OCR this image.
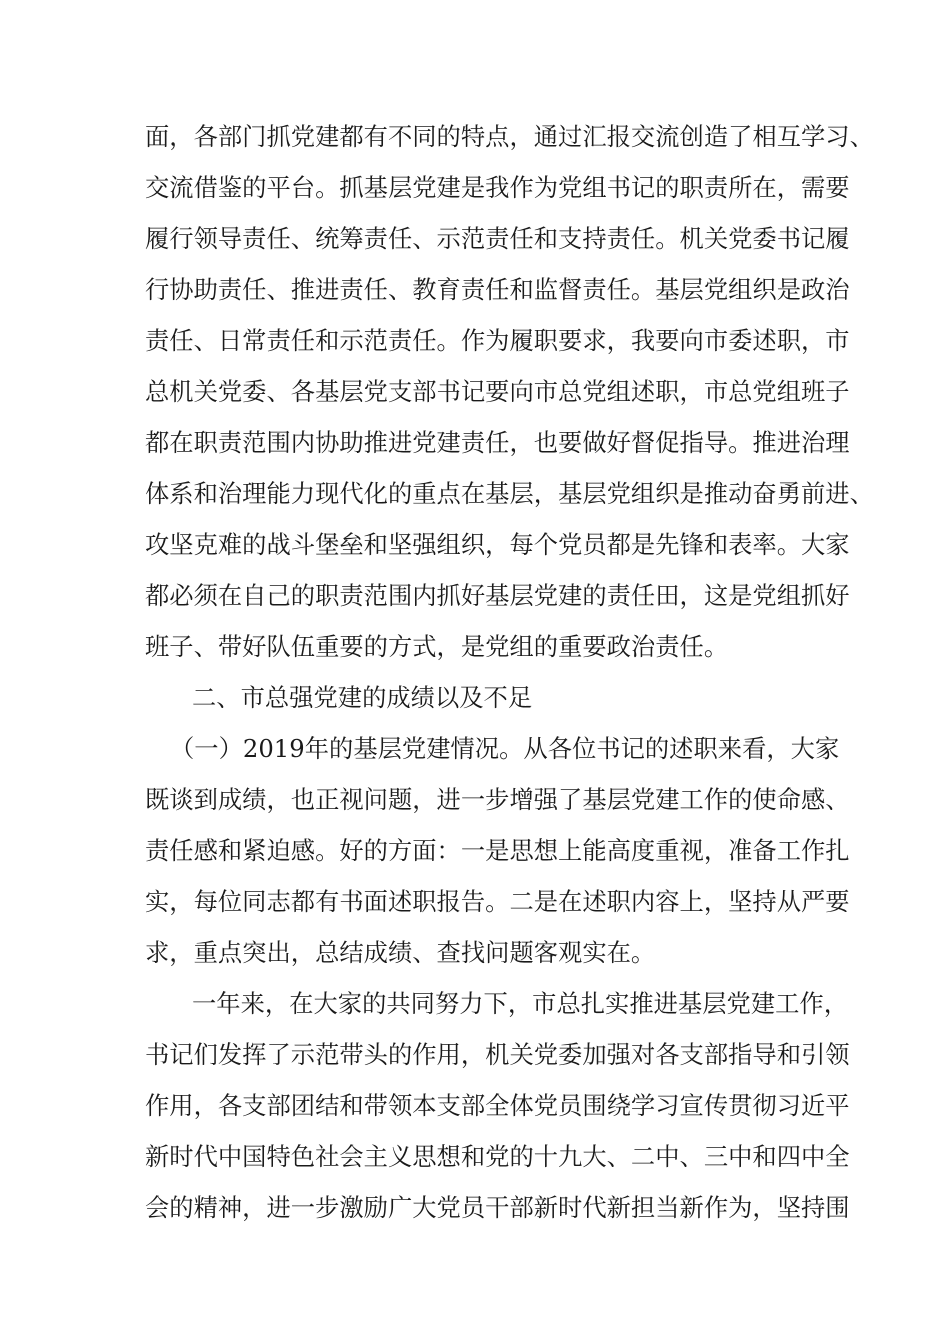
面，各部门抓党建都有不同的特点，通过汇报交流创造了相互学习、
交流借鉴的平台。抓基层党建是我作为党组书记的职责所在，需要
履行领导责任、统筹责任、示范责任和支持责任。机关党委书记履
行协助责任、推进责任、教育责任和监督责任。基层党组织是政治
责任、日常责任和示范责任。作为履职要求，我要向市委述职，市
总机关党委、各基层党支部书记要向市总党组述职，市总党组班子
都在职责范围内协助推进党建责任，也要做好督促指导。推进治理
体系和治理能力现代化的重点在基层，基层党组织是推动奋勇前进、
攻坚克难的战斗堡垒和坚强组织，每个党员都是先锋和表率。大家
都必须在自己的职责范围内抓好基层党建的责任田，这是党组抓好
班子、带好队伍重要的方式，是党组的重要政治责任。
二、市总强党建的成绩以及不足
（一）2019年的基层党建情况。从各位书记的述职来看，大家
既谈到成绩，也正视问题，进一步增强了基层党建工作的使命感、
责任感和紧迫感。好的方面：一是思想上能高度重视，准备工作扎
实，每位同志都有书面述职报告。二是在述职内容上，坚持从严要
求，重点突出，总结成绩、查找问题客观实在。
一年来，在大家的共同努力下，市总扎实推进基层党建工作，
书记们发挥了示范带头的作用，机关党委加强对各支部指导和引领
作用，各支部团结和带领本支部全体党员围绕学习宣传贯彻习近平
新时代中国特色社会主义思想和党的十九大、二中、三中和四中全
会的精神，进一步激励广大党员干部新时代新担当新作为，坚持围
